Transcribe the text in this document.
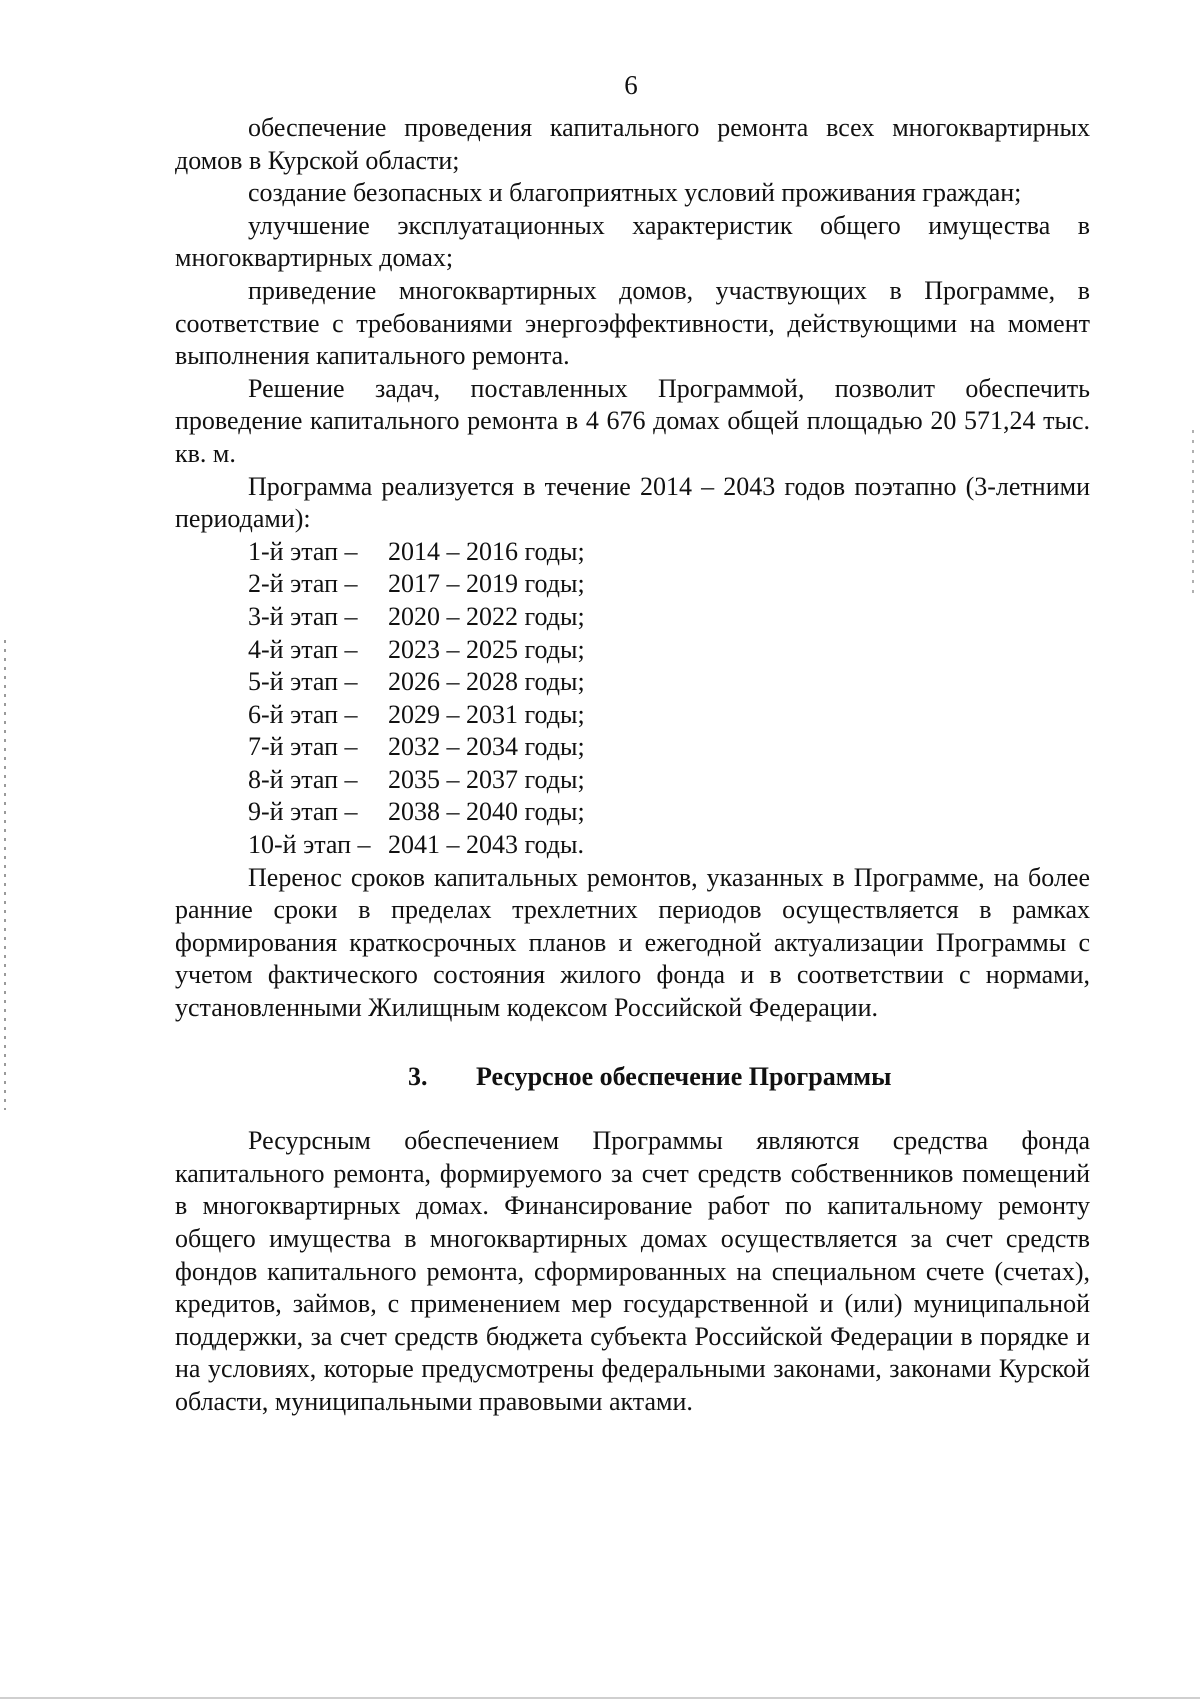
6

обеспечение проведения капитального ремонта всех многоквартирных домов в Курской области;

создание безопасных и благоприятных условий проживания граждан;

улучшение эксплуатационных характеристик общего имущества в многоквартирных домах;

приведение многоквартирных домов, участвующих в Программе, в соответствие с требованиями энергоэффективности, действующими на момент выполнения капитального ремонта.

Решение задач, поставленных Программой, позволит обеспечить проведение капитального ремонта в 4 676 домах общей площадью 20 571,24 тыс. кв. м.

Программа реализуется в течение 2014 – 2043 годов поэтапно (3-летними периодами):

1-й этап – 2014 – 2016 годы;
2-й этап – 2017 – 2019 годы;
3-й этап – 2020 – 2022 годы;
4-й этап – 2023 – 2025 годы;
5-й этап – 2026 – 2028 годы;
6-й этап – 2029 – 2031 годы;
7-й этап – 2032 – 2034 годы;
8-й этап – 2035 – 2037 годы;
9-й этап – 2038 – 2040 годы;
10-й этап – 2041 – 2043 годы.

Перенос сроков капитальных ремонтов, указанных в Программе, на более ранние сроки в пределах трехлетних периодов осуществляется в рамках формирования краткосрочных планов и ежегодной актуализации Программы с учетом фактического состояния жилого фонда и в соответствии с нормами, установленными Жилищным кодексом Российской Федерации.

3. Ресурсное обеспечение Программы

Ресурсным обеспечением Программы являются средства фонда капитального ремонта, формируемого за счет средств собственников помещений в многоквартирных домах. Финансирование работ по капитальному ремонту общего имущества в многоквартирных домах осуществляется за счет средств фондов капитального ремонта, сформированных на специальном счете (счетах), кредитов, займов, с применением мер государственной и (или) муниципальной поддержки, за счет средств бюджета субъекта Российской Федерации в порядке и на условиях, которые предусмотрены федеральными законами, законами Курской области, муниципальными правовыми актами.
